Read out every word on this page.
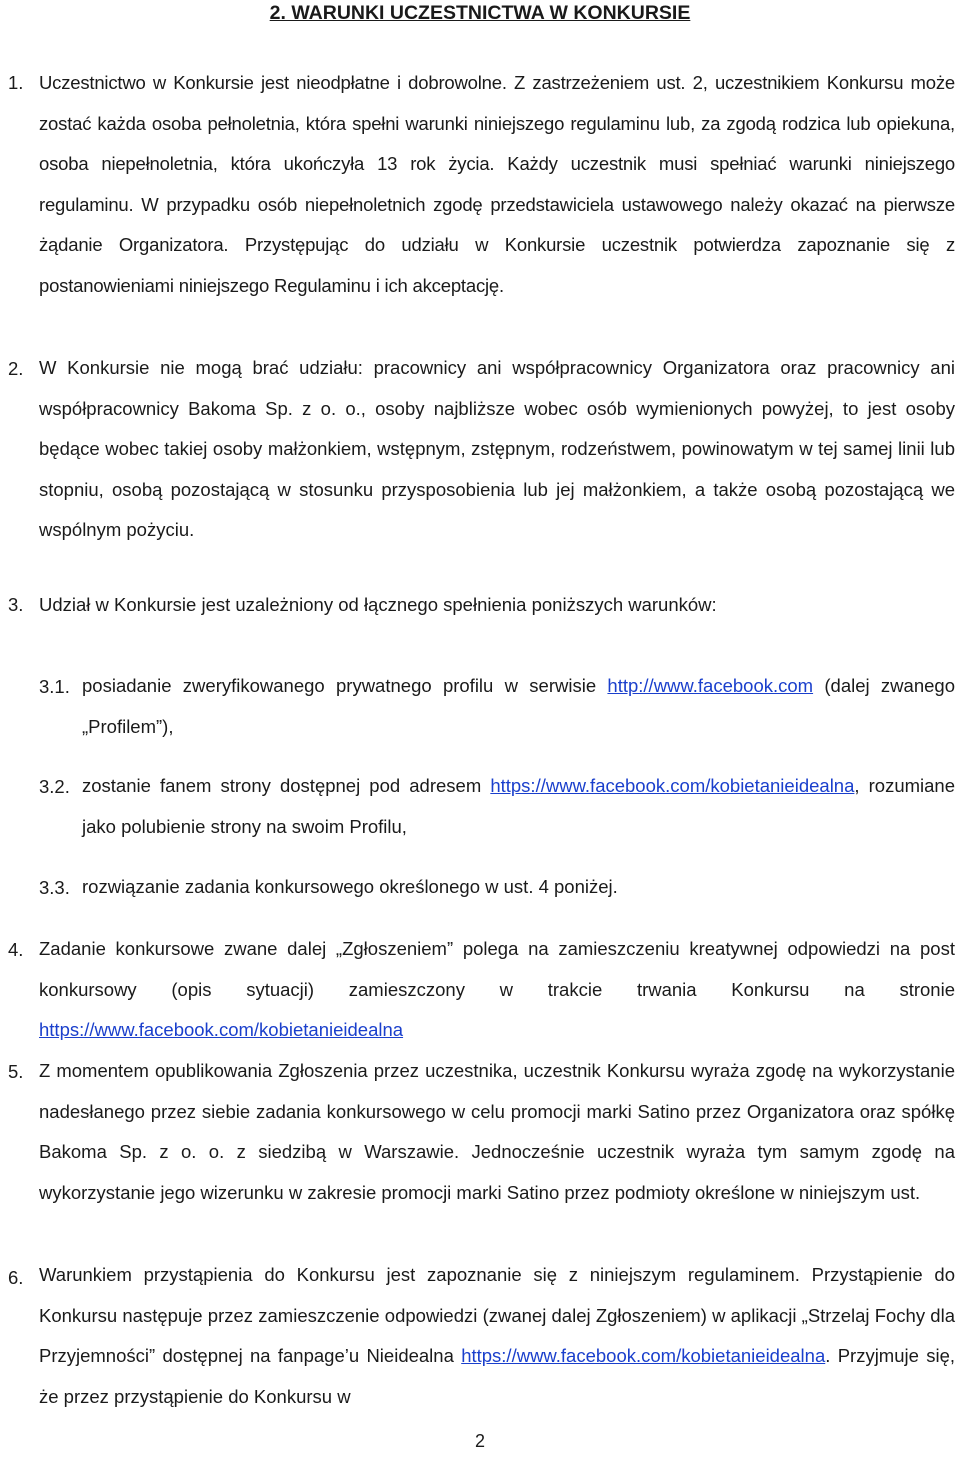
2. WARUNKI UCZESTNICTWA W KONKURSIE
1. Uczestnictwo w Konkursie jest nieodpłatne i dobrowolne. Z zastrzeżeniem ust. 2, uczestnikiem Konkursu może zostać każda osoba pełnoletnia, która spełni warunki niniejszego regulaminu lub, za zgodą rodzica lub opiekuna, osoba niepełnoletnia, która ukończyła 13 rok życia. Każdy uczestnik musi spełniać warunki niniejszego regulaminu. W przypadku osób niepełnoletnich zgodę przedstawiciela ustawowego należy okazać na pierwsze żądanie Organizatora. Przystępując do udziału w Konkursie uczestnik potwierdza zapoznanie się z postanowieniami niniejszego Regulaminu i ich akceptację.

2. W Konkursie nie mogą brać udziału: pracownicy ani współpracownicy Organizatora oraz pracownicy ani współpracownicy Bakoma Sp. z o. o., osoby najbliższe wobec osób wymienionych powyżej, to jest osoby będące wobec takiej osoby małżonkiem, wstępnym, zstępnym, rodzeństwem, powinowatym w tej samej linii lub stopniu, osobą pozostającą w stosunku przysposobienia lub jej małżonkiem, a także osobą pozostającą we wspólnym pożyciu.

3. Udział w Konkursie jest uzależniony od łącznego spełnienia poniższych warunków:

3.1. posiadanie zweryfikowanego prywatnego profilu w serwisie http://www.facebook.com (dalej zwanego „Profilem”),

3.2. zostanie fanem strony dostępnej pod adresem https://www.facebook.com/kobietanieidealna, rozumiane jako polubienie strony na swoim Profilu,

3.3. rozwiązanie zadania konkursowego określonego w ust. 4 poniżej.

4. Zadanie konkursowe zwane dalej „Zgłoszeniem” polega na zamieszczeniu kreatywnej odpowiedzi na post konkursowy (opis sytuacji) zamieszczony w trakcie trwania Konkursu na stronie https://www.facebook.com/kobietanieidealna

5. Z momentem opublikowania Zgłoszenia przez uczestnika, uczestnik Konkursu wyraża zgodę na wykorzystanie nadesłanego przez siebie zadania konkursowego w celu promocji marki Satino przez Organizatora oraz spółkę Bakoma Sp. z o. o. z siedzibą w Warszawie. Jednocześnie uczestnik wyraża tym samym zgodę na wykorzystanie jego wizerunku w zakresie promocji marki Satino przez podmioty określone w niniejszym ust.

6. Warunkiem przystąpienia do Konkursu jest zapoznanie się z niniejszym regulaminem. Przystąpienie do Konkursu następuje przez zamieszczenie odpowiedzi (zwanej dalej Zgłoszeniem) w aplikacji „Strzelaj Fochy dla Przyjemności” dostępnej na fanpage’u Nieidealna https://www.facebook.com/kobietanieidealna. Przyjmuje się, że przez przystąpienie do Konkursu w

2
